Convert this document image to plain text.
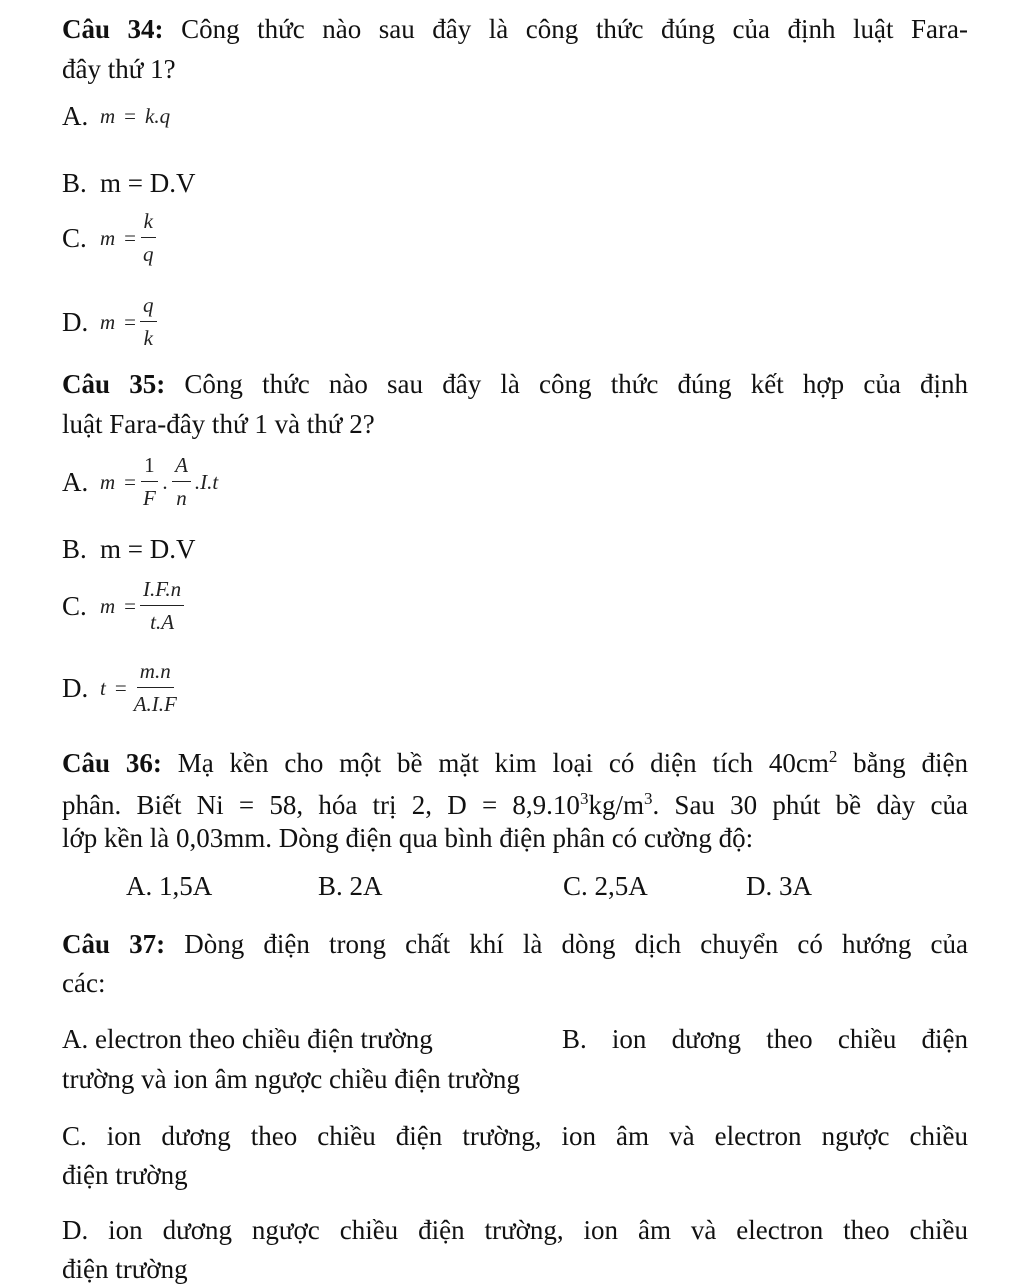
Câu 34: Công thức nào sau đây là công thức đúng của định luật Fara-
đây thứ 1?
A. m = k . q
B. m = D.V
C. $m = \frac{k}{q}$
D. $m = \frac{q}{k}$
Câu 35: Công thức nào sau đây là công thức đúng kết hợp của định
luật Fara-đây thứ 1 và thứ 2?
A. $m = \frac{1}{F}$ . $\frac{A}{n} .I.t$
B. m = D.V
C. $m = \frac{I.F.n}{t.A}$
D. $t = \frac{m.n}{A.I.F}$
Câu 36: Mạ kền cho một bề mặt kim loại có diện tích $40cm^2$ bằng điện
phân. Biết Ni = 58, hóa trị 2, $D = 8,9.10^3kg/m^3$. Sau 30 phút bề dày của
lớp kền là 0,03mm. Dòng điện qua bình điện phân có cường độ:
A. 1,5A	B. 2A	C. 2,5A	D. 3A
Câu 37: Dòng điện trong chất khí là dòng dịch chuyển có hướng của
các:
A. electron theo chiều điện trường	B. ion dương theo chiều điện
trường và ion âm ngược chiều điện trường
C. ion dương theo chiều điện trường, ion âm và electron ngược chiều
điện trường
D. ion dương ngược chiều điện trường, ion âm và electron theo chiều
điện trường
